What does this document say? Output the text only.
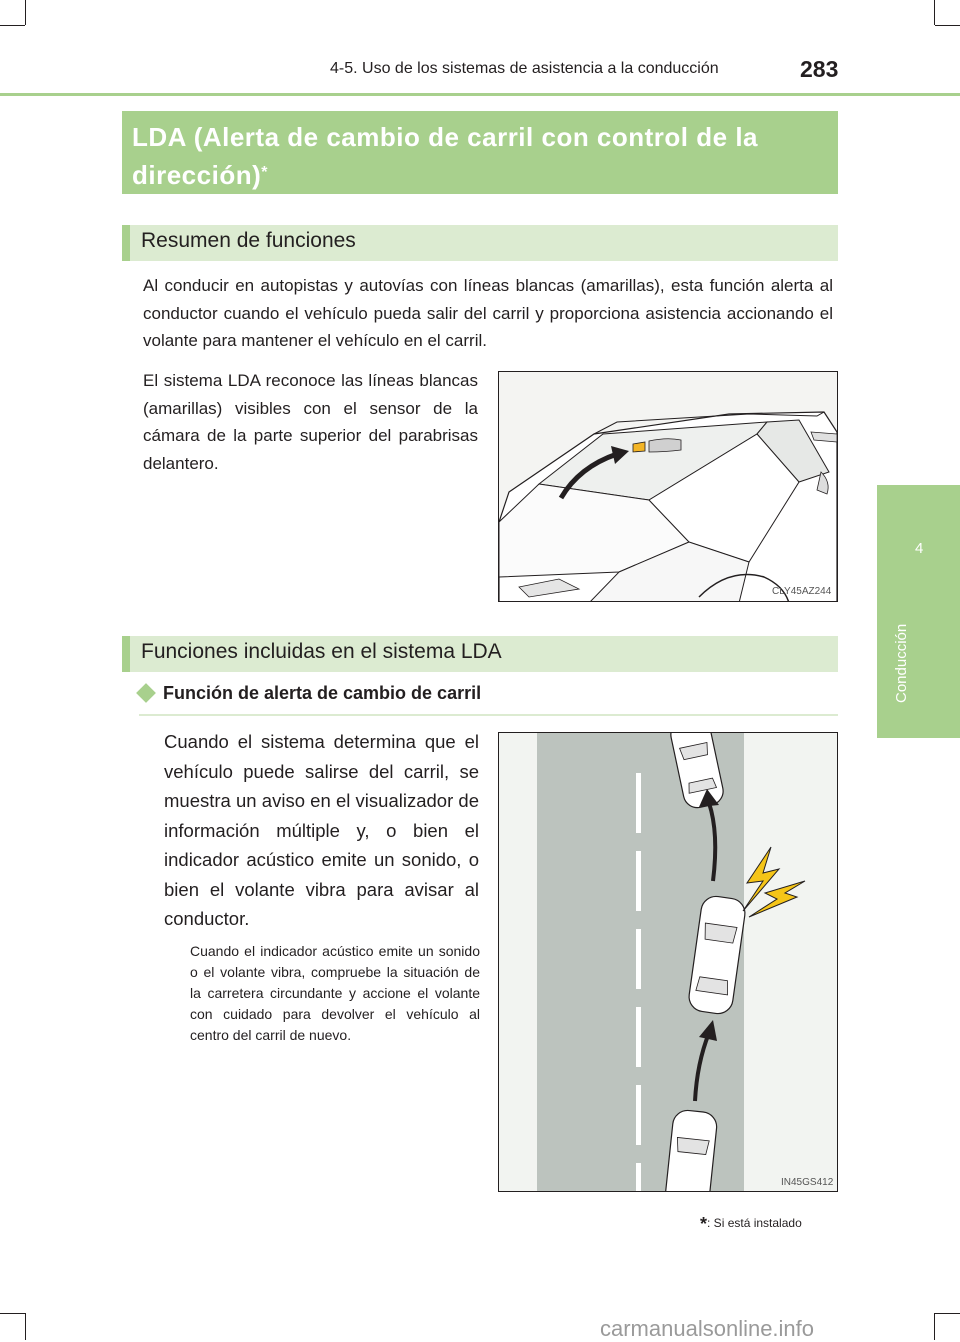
4-5. Uso de los sistemas de asistencia a la conducción	283
4
Conducción
LDA (Alerta de cambio de carril con control de la dirección)*
Resumen de funciones
Al conducir en autopistas y autovías con líneas blancas (amarillas), esta función alerta al conductor cuando el vehículo pueda salir del carril y proporciona asistencia accionando el volante para mantener el vehículo en el carril.
El sistema LDA reconoce las líneas blancas (amarillas) visibles con el sensor de la cámara de la parte superior del parabrisas delantero.
CLY45AZ244
Funciones incluidas en el sistema LDA
Función de alerta de cambio de carril
Cuando el sistema determina que el vehículo puede salirse del carril, se muestra un aviso en el visualizador de información múltiple y, o bien el indicador acústico emite un sonido, o bien el volante vibra para avisar al conductor.
Cuando el indicador acústico emite un sonido o el volante vibra, compruebe la situación de la carretera circundante y accione el volante con cuidado para devolver el vehículo al centro del carril de nuevo.
IN45GS412
*: Si está instalado
carmanualsonline.info
